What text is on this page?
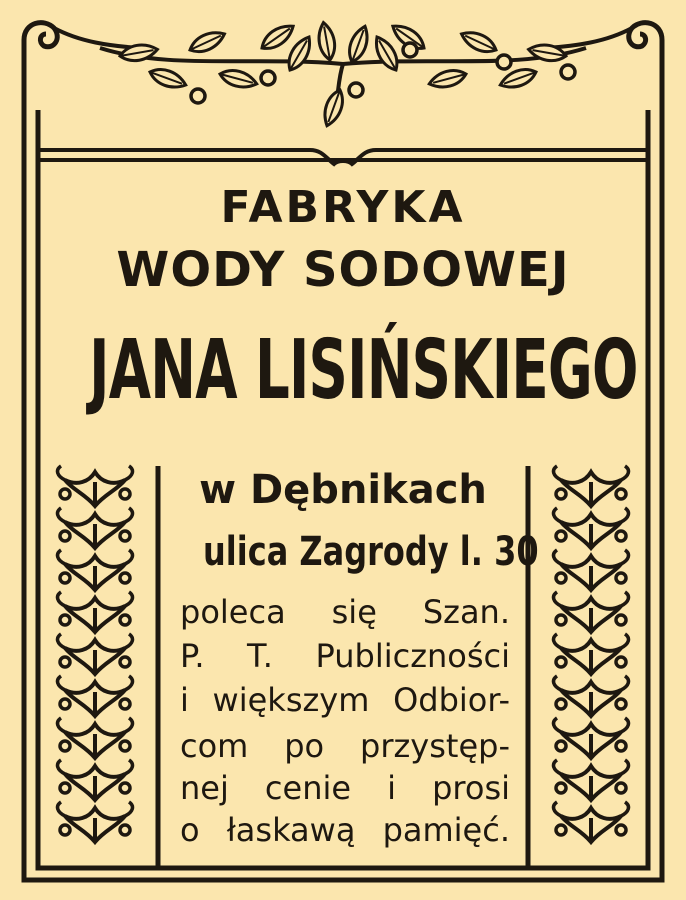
FABRYKA
WODY SODOWEJ
JANA LISIŃSKIEGO
w Dębnikach
ulica Zagrody l. 30
poleca się Szan.
P. T. Publiczności
i większym Odbior-
com po przystęp-
nej cenie i prosi
o łaskawą pamięć.
